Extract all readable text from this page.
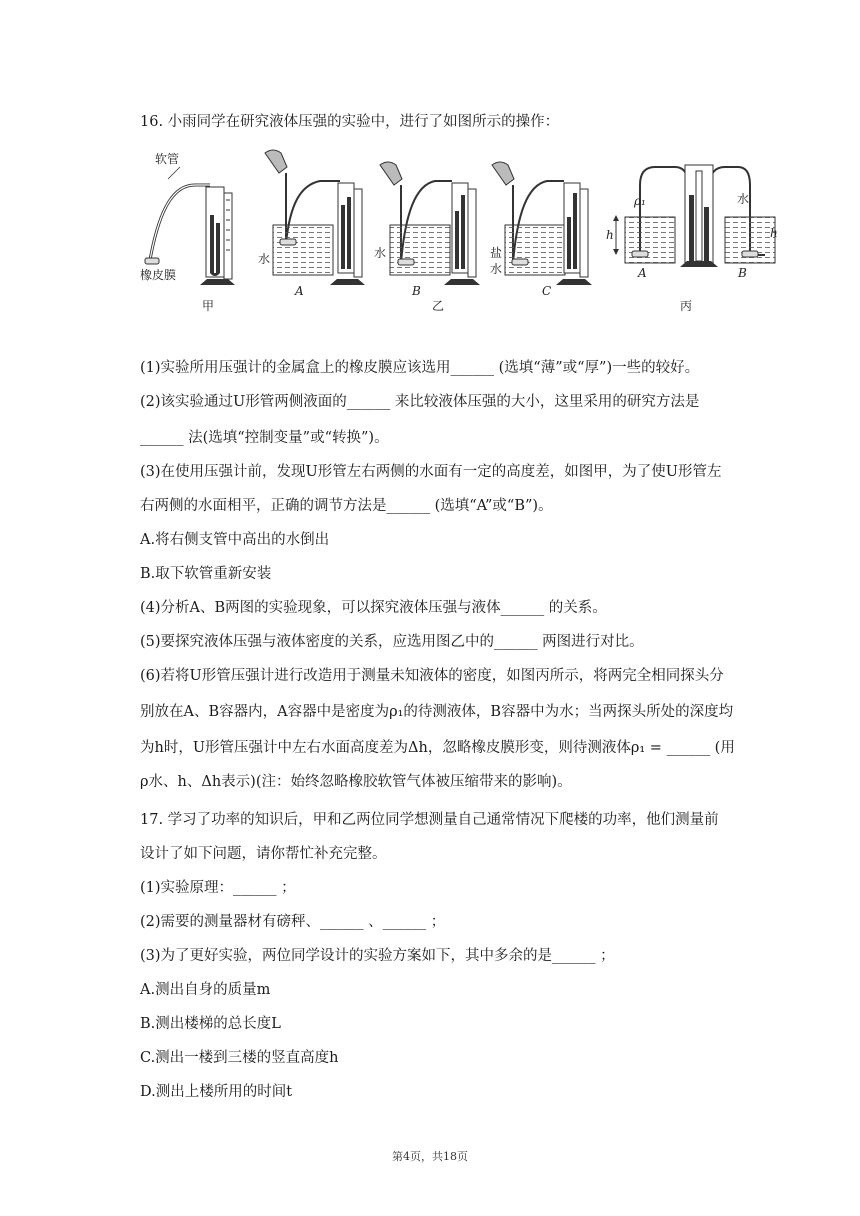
16. 小雨同学在研究液体压强的实验中，进行了如图所示的操作：
软管
橡皮膜
甲
水
A
水
B
乙
盐
水
C
h	h
ρ₁	水
A	B
丙
(1)实验所用压强计的金属盒上的橡皮膜应该选用______ (选填“薄”或“厚”)一些的较好。
(2)该实验通过U形管两侧液面的______ 来比较液体压强的大小，这里采用的研究方法是
______ 法(选填“控制变量”或“转换”)。
(3)在使用压强计前，发现U形管左右两侧的水面有一定的高度差，如图甲，为了使U形管左
右两侧的水面相平，正确的调节方法是______ (选填“A”或“B”)。
A.将右侧支管中高出的水倒出
B.取下软管重新安装
(4)分析A、B两图的实验现象，可以探究液体压强与液体______ 的关系。
(5)要探究液体压强与液体密度的关系，应选用图乙中的______ 两图进行对比。
(6)若将U形管压强计进行改造用于测量未知液体的密度，如图丙所示，将两完全相同探头分
别放在A、B容器内，A容器中是密度为ρ₁的待测液体，B容器中为水；当两探头所处的深度均
为h时，U形管压强计中左右水面高度差为Δh，忽略橡皮膜形变，则待测液体ρ₁ = ______ (用
ρ水、h、Δh表示)(注：始终忽略橡胶软管气体被压缩带来的影响)。
17. 学习了功率的知识后，甲和乙两位同学想测量自己通常情况下爬楼的功率，他们测量前
设计了如下问题，请你帮忙补充完整。
(1)实验原理：______ ；
(2)需要的测量器材有磅秤、______ 、______ ；
(3)为了更好实验，两位同学设计的实验方案如下，其中多余的是______ ；
A.测出自身的质量m
B.测出楼梯的总长度L
C.测出一楼到三楼的竖直高度h
D.测出上楼所用的时间t
第4页，共18页
